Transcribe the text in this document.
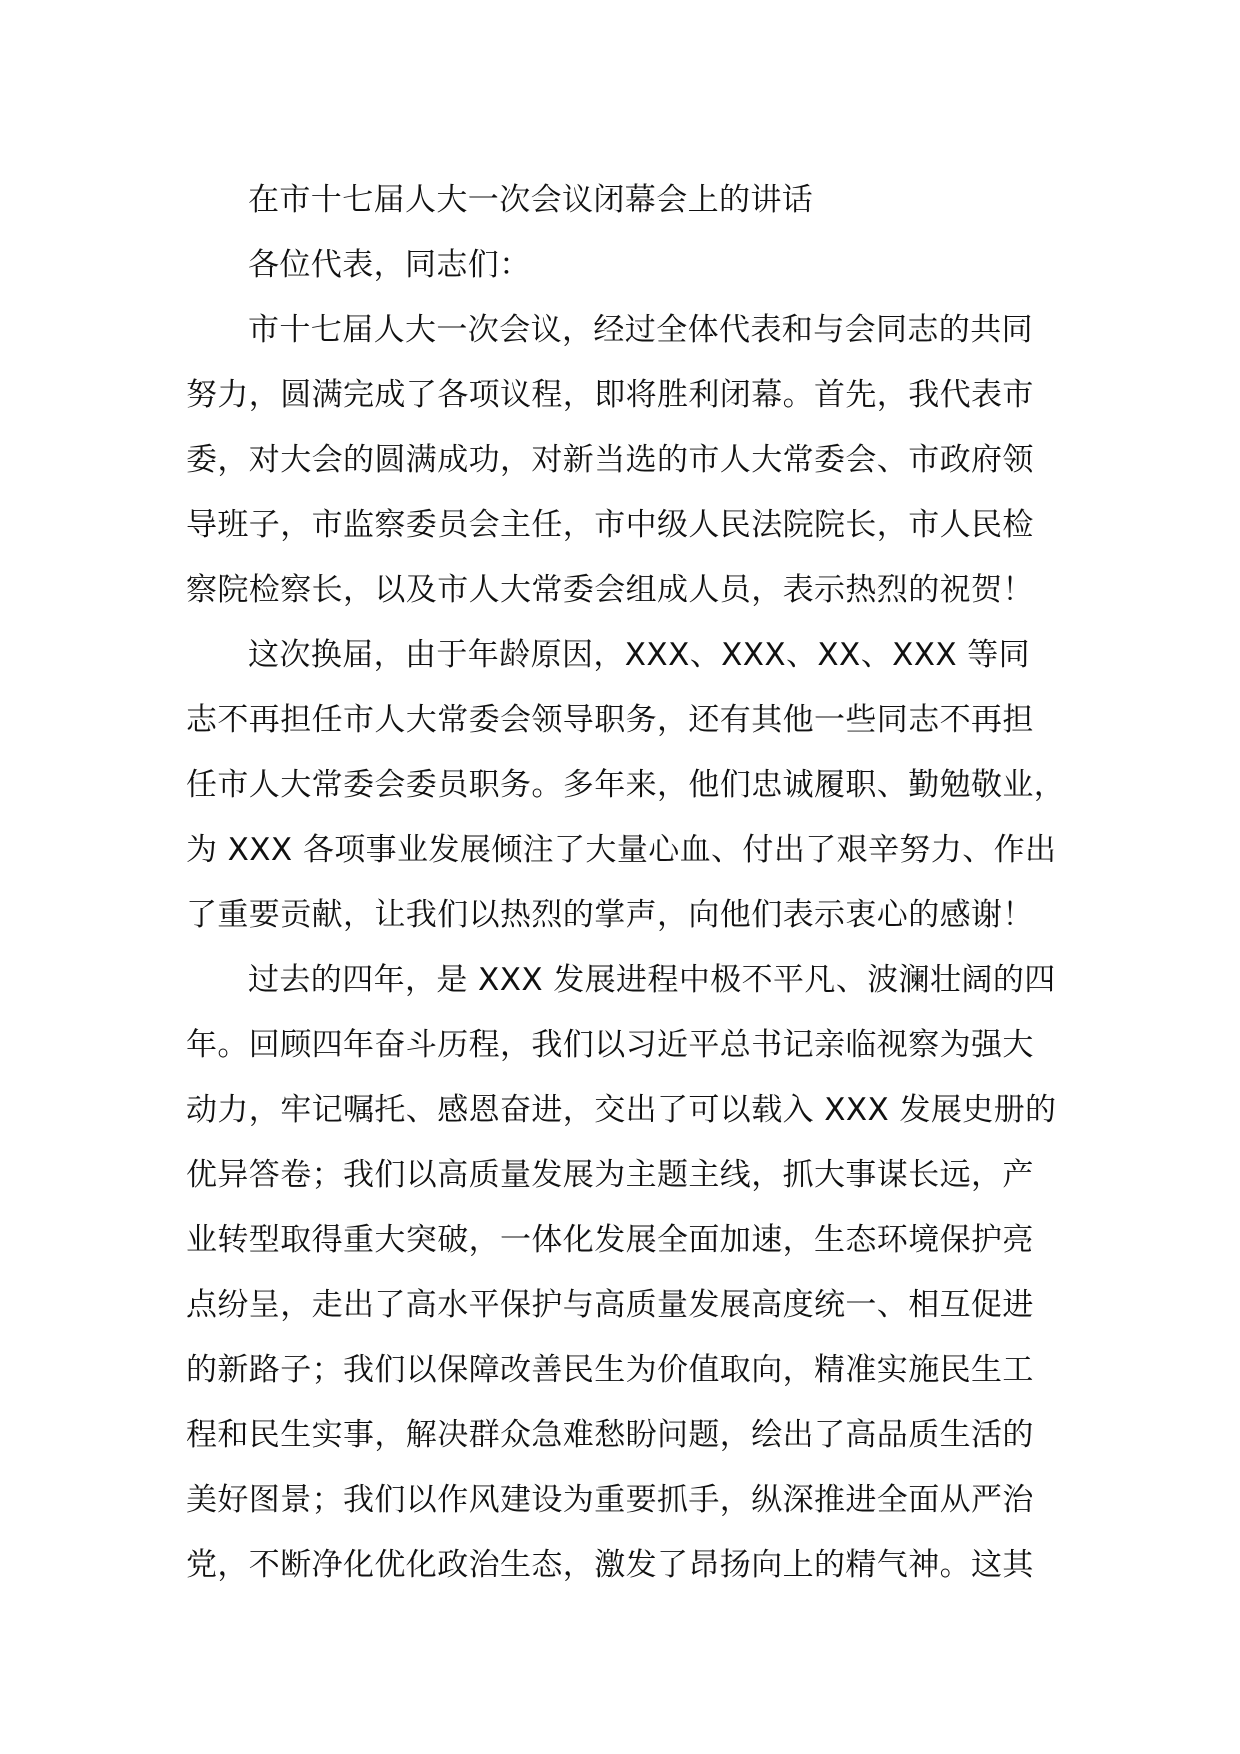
在市十七届人大一次会议闭幕会上的讲话
各位代表，同志们：
市十七届人大一次会议，经过全体代表和与会同志的共同
努力，圆满完成了各项议程，即将胜利闭幕。首先，我代表市
委，对大会的圆满成功，对新当选的市人大常委会、市政府领
导班子，市监察委员会主任，市中级人民法院院长，市人民检
察院检察长，以及市人大常委会组成人员，表示热烈的祝贺！
这次换届，由于年龄原因，XXX、XXX、XX、XXX 等同
志不再担任市人大常委会领导职务，还有其他一些同志不再担
任市人大常委会委员职务。多年来，他们忠诚履职、勤勉敬业，
为 XXX 各项事业发展倾注了大量心血、付出了艰辛努力、作出
了重要贡献，让我们以热烈的掌声，向他们表示衷心的感谢！
过去的四年，是 XXX 发展进程中极不平凡、波澜壮阔的四
年。回顾四年奋斗历程，我们以习近平总书记亲临视察为强大
动力，牢记嘱托、感恩奋进，交出了可以载入 XXX 发展史册的
优异答卷；我们以高质量发展为主题主线，抓大事谋长远，产
业转型取得重大突破，一体化发展全面加速，生态环境保护亮
点纷呈，走出了高水平保护与高质量发展高度统一、相互促进
的新路子；我们以保障改善民生为价值取向，精准实施民生工
程和民生实事，解决群众急难愁盼问题，绘出了高品质生活的
美好图景；我们以作风建设为重要抓手，纵深推进全面从严治
党，不断净化优化政治生态，激发了昂扬向上的精气神。这其
